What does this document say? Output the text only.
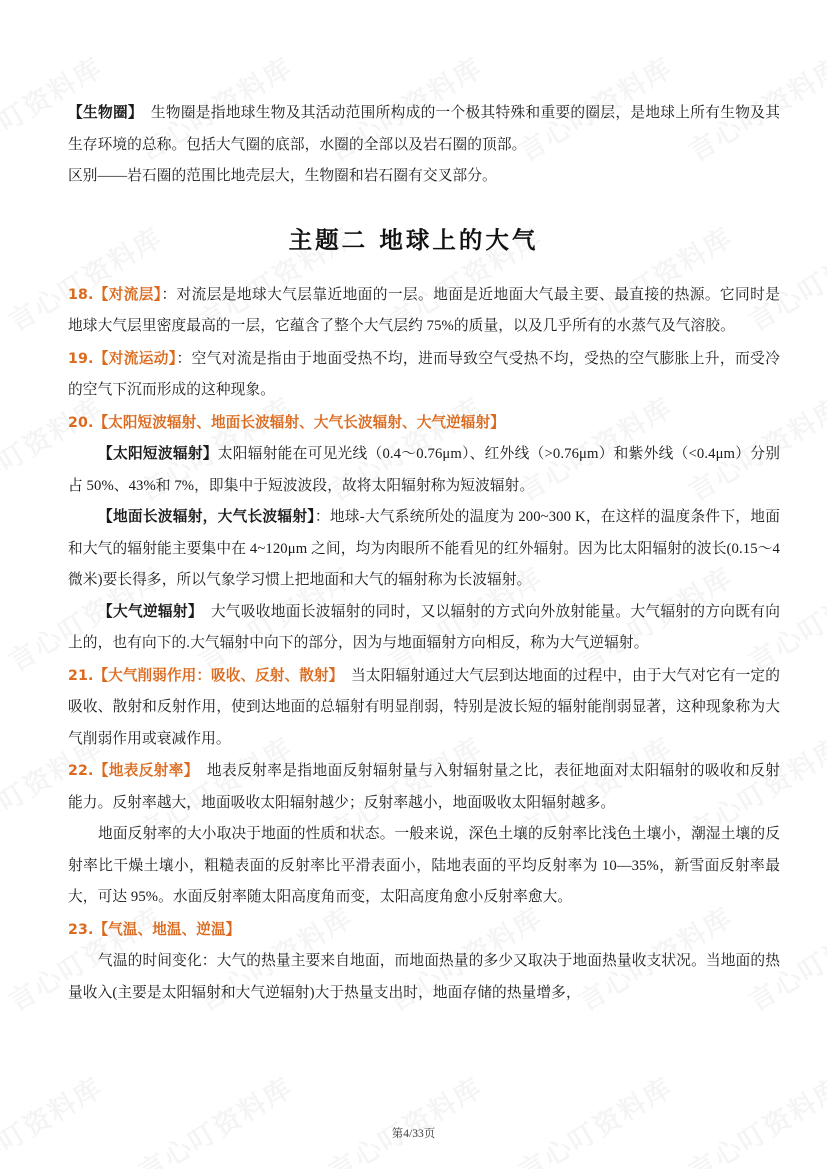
【生物圈】 生物圈是指地球生物及其活动范围所构成的一个极其特殊和重要的圈层，是地球上所有生物及其生存环境的总称。包括大气圈的底部，水圈的全部以及岩石圈的顶部。

区别——岩石圈的范围比地壳层大，生物圈和岩石圈有交叉部分。

主题二 地球上的大气

18.【对流层】：对流层是地球大气层靠近地面的一层。地面是近地面大气最主要、最直接的热源。它同时是地球大气层里密度最高的一层，它蕴含了整个大气层约 75%的质量，以及几乎所有的水蒸气及气溶胶。

19.【对流运动】：空气对流是指由于地面受热不均，进而导致空气受热不均，受热的空气膨胀上升，而受冷的空气下沉而形成的这种现象。

20.【太阳短波辐射、地面长波辐射、大气长波辐射、大气逆辐射】

【太阳短波辐射】太阳辐射能在可见光线（0.4～0.76μm）、红外线（>0.76μm）和紫外线（<0.4μm）分别占 50%、43%和 7%，即集中于短波波段，故将太阳辐射称为短波辐射。

【地面长波辐射，大气长波辐射】：地球-大气系统所处的温度为 200~300 K，在这样的温度条件下，地面和大气的辐射能主要集中在 4~120μm 之间，均为肉眼所不能看见的红外辐射。因为比太阳辐射的波长(0.15～4 微米)要长得多，所以气象学习惯上把地面和大气的辐射称为长波辐射。

【大气逆辐射】 大气吸收地面长波辐射的同时，又以辐射的方式向外放射能量。大气辐射的方向既有向上的，也有向下的.大气辐射中向下的部分，因为与地面辐射方向相反，称为大气逆辐射。

21.【大气削弱作用：吸收、反射、散射】 当太阳辐射通过大气层到达地面的过程中，由于大气对它有一定的吸收、散射和反射作用，使到达地面的总辐射有明显削弱，特别是波长短的辐射能削弱显著，这种现象称为大气削弱作用或衰减作用。

22.【地表反射率】 地表反射率是指地面反射辐射量与入射辐射量之比，表征地面对太阳辐射的吸收和反射能力。反射率越大，地面吸收太阳辐射越少；反射率越小，地面吸收太阳辐射越多。

地面反射率的大小取决于地面的性质和状态。一般来说，深色土壤的反射率比浅色土壤小，潮湿土壤的反射率比干燥土壤小，粗糙表面的反射率比平滑表面小，陆地表面的平均反射率为 10—35%，新雪面反射率最大，可达 95%。水面反射率随太阳高度角而变，太阳高度角愈小反射率愈大。

23.【气温、地温、逆温】

气温的时间变化：大气的热量主要来自地面，而地面热量的多少又取决于地面热量收支状况。当地面的热量收入(主要是太阳辐射和大气逆辐射)大于热量支出时，地面存储的热量增多，

第4/33页
